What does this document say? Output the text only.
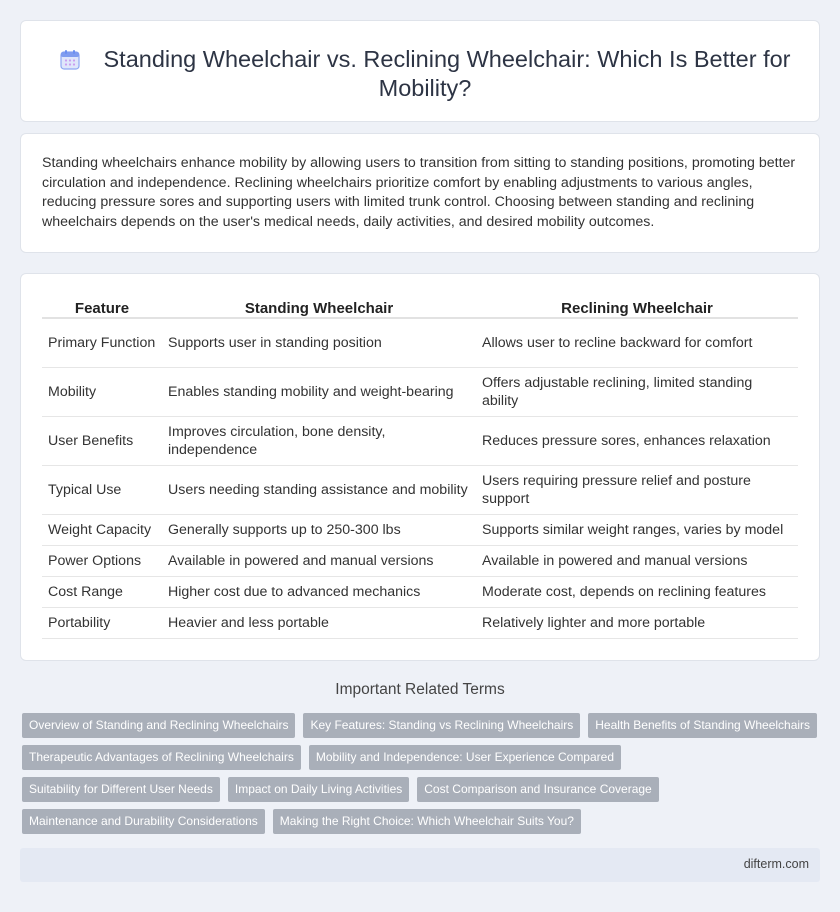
Standing Wheelchair vs. Reclining Wheelchair: Which Is Better for Mobility?

Standing wheelchairs enhance mobility by allowing users to transition from sitting to standing positions, promoting better circulation and independence. Reclining wheelchairs prioritize comfort by enabling adjustments to various angles, reducing pressure sores and supporting users with limited trunk control. Choosing between standing and reclining wheelchairs depends on the user's medical needs, daily activities, and desired mobility outcomes.

Feature	Standing Wheelchair	Reclining Wheelchair
Primary Function	Supports user in standing position	Allows user to recline backward for comfort
Mobility	Enables standing mobility and weight-bearing	Offers adjustable reclining, limited standing ability
User Benefits	Improves circulation, bone density, independence	Reduces pressure sores, enhances relaxation
Typical Use	Users needing standing assistance and mobility	Users requiring pressure relief and posture support
Weight Capacity	Generally supports up to 250-300 lbs	Supports similar weight ranges, varies by model
Power Options	Available in powered and manual versions	Available in powered and manual versions
Cost Range	Higher cost due to advanced mechanics	Moderate cost, depends on reclining features
Portability	Heavier and less portable	Relatively lighter and more portable
Important Related Terms
Overview of Standing and Reclining Wheelchairs	Key Features: Standing vs Reclining Wheelchairs	Health Benefits of Standing Wheelchairs
Therapeutic Advantages of Reclining Wheelchairs	Mobility and Independence: User Experience Compared
Suitability for Different User Needs	Impact on Daily Living Activities	Cost Comparison and Insurance Coverage
Maintenance and Durability Considerations	Making the Right Choice: Which Wheelchair Suits You?
difterm.com
